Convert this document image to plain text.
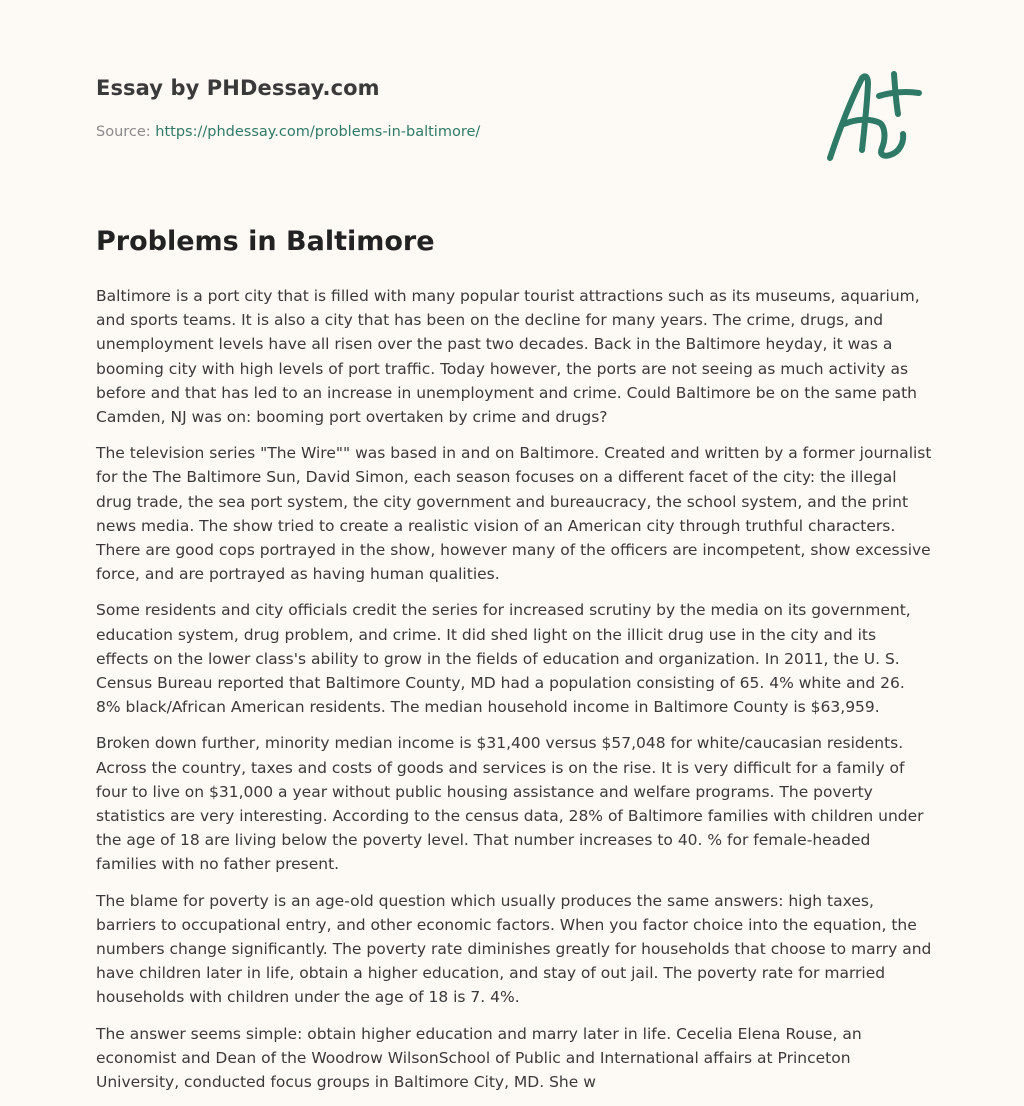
Essay by PHDessay.com
Source: https://phdessay.com/problems-in-baltimore/
Problems in Baltimore

Baltimore is a port city that is filled with many popular tourist attractions such as its museums, aquarium, and sports teams. It is also a city that has been on the decline for many years. The crime, drugs, and unemployment levels have all risen over the past two decades. Back in the Baltimore heyday, it was a booming city with high levels of port traffic. Today however, the ports are not seeing as much activity as before and that has led to an increase in unemployment and crime. Could Baltimore be on the same path Camden, NJ was on: booming port overtaken by crime and drugs?

The television series "The Wire"" was based in and on Baltimore. Created and written by a former journalist for the The Baltimore Sun, David Simon, each season focuses on a different facet of the city: the illegal drug trade, the sea port system, the city government and bureaucracy, the school system, and the print news media. The show tried to create a realistic vision of an American city through truthful characters. There are good cops portrayed in the show, however many of the officers are incompetent, show excessive force, and are portrayed as having human qualities.

Some residents and city officials credit the series for increased scrutiny by the media on its government, education system, drug problem, and crime. It did shed light on the illicit drug use in the city and its effects on the lower class's ability to grow in the fields of education and organization. In 2011, the U. S. Census Bureau reported that Baltimore County, MD had a population consisting of 65. 4% white and 26. 8% black/African American residents. The median household income in Baltimore County is $63,959.

Broken down further, minority median income is $31,400 versus $57,048 for white/caucasian residents. Across the country, taxes and costs of goods and services is on the rise. It is very difficult for a family of four to live on $31,000 a year without public housing assistance and welfare programs. The poverty statistics are very interesting. According to the census data, 28% of Baltimore families with children under the age of 18 are living below the poverty level. That number increases to 40. % for female-headed families with no father present.

The blame for poverty is an age-old question which usually produces the same answers: high taxes, barriers to occupational entry, and other economic factors. When you factor choice into the equation, the numbers change significantly. The poverty rate diminishes greatly for households that choose to marry and have children later in life, obtain a higher education, and stay of out jail. The poverty rate for married households with children under the age of 18 is 7. 4%.

The answer seems simple: obtain higher education and marry later in life. Cecelia Elena Rouse, an economist and Dean of the Woodrow WilsonSchool of Public and International affairs at Princeton University, conducted focus groups in Baltimore City, MD. She w
